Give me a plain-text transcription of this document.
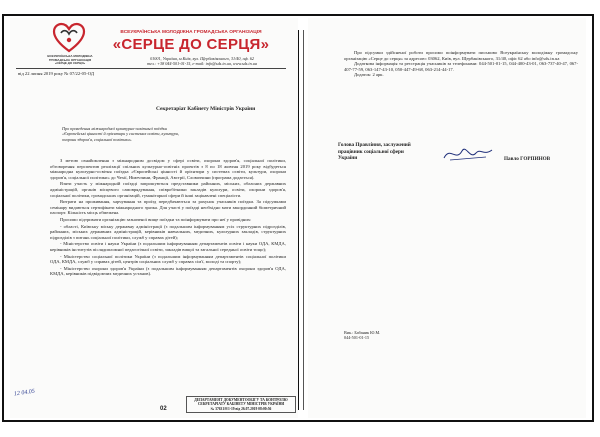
ВСЕУКРАЇНСЬКА МОЛОДІЖНА ГРОМАДСЬКА ОРГАНІЗАЦІЯ «СЕРЦЕ ДО СЕРЦЯ»
ВСЕУКРАЇНСЬКА МОЛОДІЖНА ГРОМАДСЬКА ОРГАНІЗАЦІЯ
«СЕРЦЕ ДО СЕРЦЯ»
01001, Україна, м.Київ, вул. Щербаківського, 31/40, оф. 62
тел.: +38 044-501-01-15, e-mail: info@sds.in.ua, www.sds.in.ua
від 22 липня 2019 року № 07/22-05-ОД
Секретаріат Кабінету Міністрів України
Про проведення міжнародної культурно-освітньої поїздки «Європейські цінності й орієнтири у системах освіти, культури, охорони здоров'я, соціальної політики»

З метою ознайомлення з міжнародним досвідом у сфері освіти, охорони здоров'я, соціальної політики, обговорення перспектив реалізації спільних культурно-освітніх проектів з 8 по 18 жовтня 2019 року відбудеться міжнародна культурно-освітня поїздка «Європейські цінності й орієнтири у системах освіти, культури, охорони здоров'я, соціальної політики» до Чехії, Німеччини, Франції, Австрії, Словаччини (програма додається).

Взяти участь у міжнародній поїздці запрошуються представники районних, міських, обласних державних адміністрацій, органів місцевого самоврядування, співробітники закладів культури, освіти, охорони здоров'я, соціальної політики, громадських організацій, гуманітарної сфери й інші зацікавлені спеціалісти.

Витрати на проживання, харчування та проїзд передбачаються за рахунок учасників поїздки. За підсумками семінару видаються сертифікати міжнародного зразка. Для участі у поїздці необхідно мати закордонний біометричний паспорт. Кількість місць обмежена.

Просимо підтримати організацію зазначеної вище поїздки та поінформувати про неї у провідних:

- області, Київську міську державну адміністрації (з подальшим інформуванням усіх структурних підрозділів, районних, міських державних адміністрацій, керівників навчальних, медичних, культурних закладів, структурних підрозділів з питань соціальної політики, служб у справах дітей);

- Міністерство освіти і науки України (з подальшим інформуванням департаментів освіти і науки ОДА, КМДА, керівників інститутів післядипломної педагогічної освіти, закладів вищої та загальної середньої освіти тощо);

- Міністерство соціальної політики України (з подальшим інформуванням департаментів соціальної політики ОДА, КМДА, служб у справах дітей, центрів соціальних служб у справах сім'ї, молоді та спорту);

- Міністерство охорони здоров'я України (з подальшим інформуванням департаментів охорони здоров'я ОДА, КМДА, керівників підвідомчих медичних установ).

02
ДЕПАРТАМЕНТ ДОКУМЕНТООБІГУ ТА КОНТРОЛЮ
СЕКРЕТАРІАТУ КАБІНЕТУ МІНІСТРІВ УКРАЇНИ
№ 37631/0/1-19 від 26.07.2019 08:00:56
12 04.05

Про підсумки здійсненої роботи просимо поінформувати письмово Всеукраїнську молодіжну громадську організацію «Серце до серця» за адресою: 03062, Київ, вул. Щербаківського, 31/40, офіс 62 або info@sds.in.ua

Додаткова інформація та реєстрація учасників за телефонами: 044-501-01-15, 044-400-43-01, 063-737-40-47, 067-407-77-59, 063-147-43-10, 050-447-49-68, 063-214-44-17.

Додаток: 2 арк.

Голова Правління, заслужений працівник соціальної сфери України	Павло ГОРПИНОВ
Вик.: Бабаник Ю.М.
044-501-01-15
